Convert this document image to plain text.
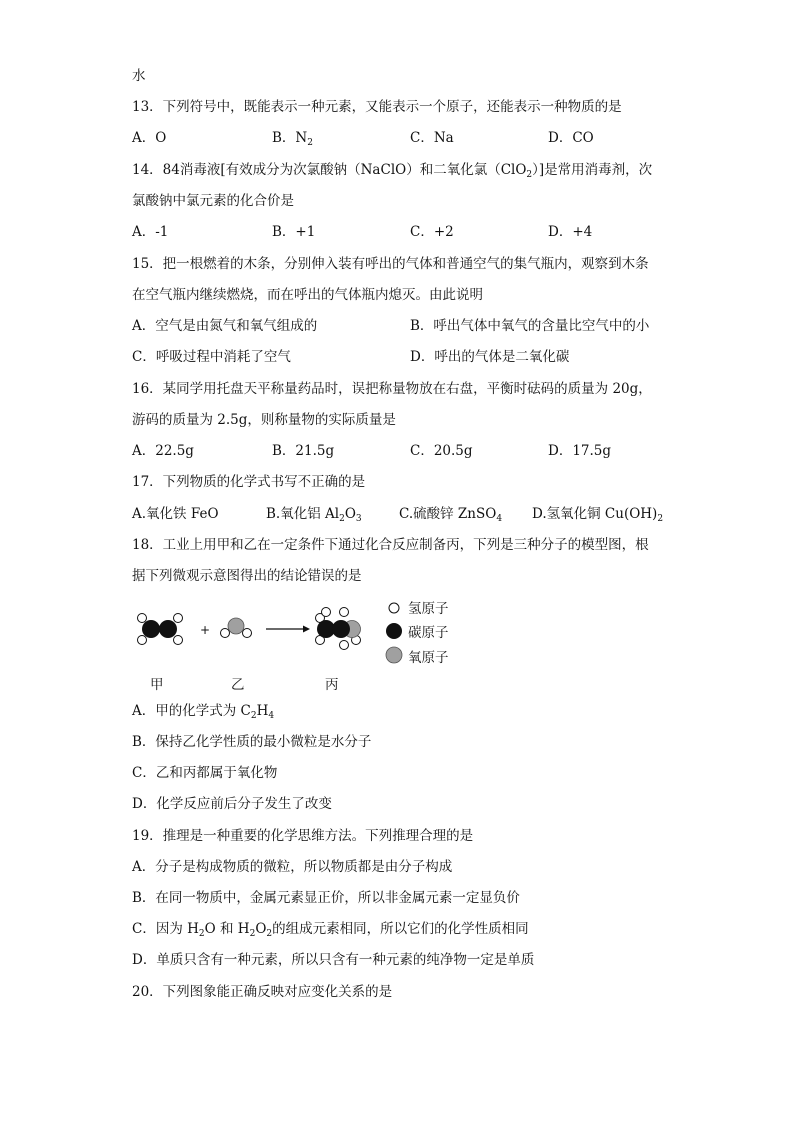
水
13．下列符号中，既能表示一种元素，又能表示一个原子，还能表示一种物质的是
A．O	B．$N_2$	C．Na	D．CO
14．84消毒液[有效成分为次氯酸钠（NaClO）和二氧化氯（ClO$_2$）]是常用消毒剂，次
氯酸钠中氯元素的化合价是
A．-1	B．+1	C．+2	D．+4
15．把一根燃着的木条，分别伸入装有呼出的气体和普通空气的集气瓶内，观察到木条
在空气瓶内继续燃烧，而在呼出的气体瓶内熄灭。由此说明
A．空气是由氮气和氧气组成的	B．呼出气体中氧气的含量比空气中的小
C．呼吸过程中消耗了空气	D．呼出的气体是二氧化碳
16．某同学用托盘天平称量药品时，误把称量物放在右盘，平衡时砝码的质量为 20g，
游码的质量为 2.5g，则称量物的实际质量是
A．22.5g	B．21.5g	C．20.5g	D．17.5g
17．下列物质的化学式书写不正确的是
A.氧化铁 FeO	B.氧化铝 $Al_2O_3$	C.硫酸锌 ZnSO$_4$ D.氢氧化铜 $Cu(OH)_2$
18．工业上用甲和乙在一定条件下通过化合反应制备丙，下列是三种分子的模型图，根
据下列微观示意图得出的结论错误的是
+
氢原子
碳原子
氧原子
甲	乙	丙
A．甲的化学式为 $C_2H_4$
B．保持乙化学性质的最小微粒是水分子
C．乙和丙都属于氧化物
D．化学反应前后分子发生了改变
19．推理是一种重要的化学思维方法。下列推理合理的是
A．分子是构成物质的微粒，所以物质都是由分子构成
B．在同一物质中，金属元素显正价，所以非金属元素一定显负价
C．因为 $H_2O$ 和 $H_2O_2$的组成元素相同，所以它们的化学性质相同
D．单质只含有一种元素，所以只含有一种元素的纯净物一定是单质
20．下列图象能正确反映对应变化关系的是
